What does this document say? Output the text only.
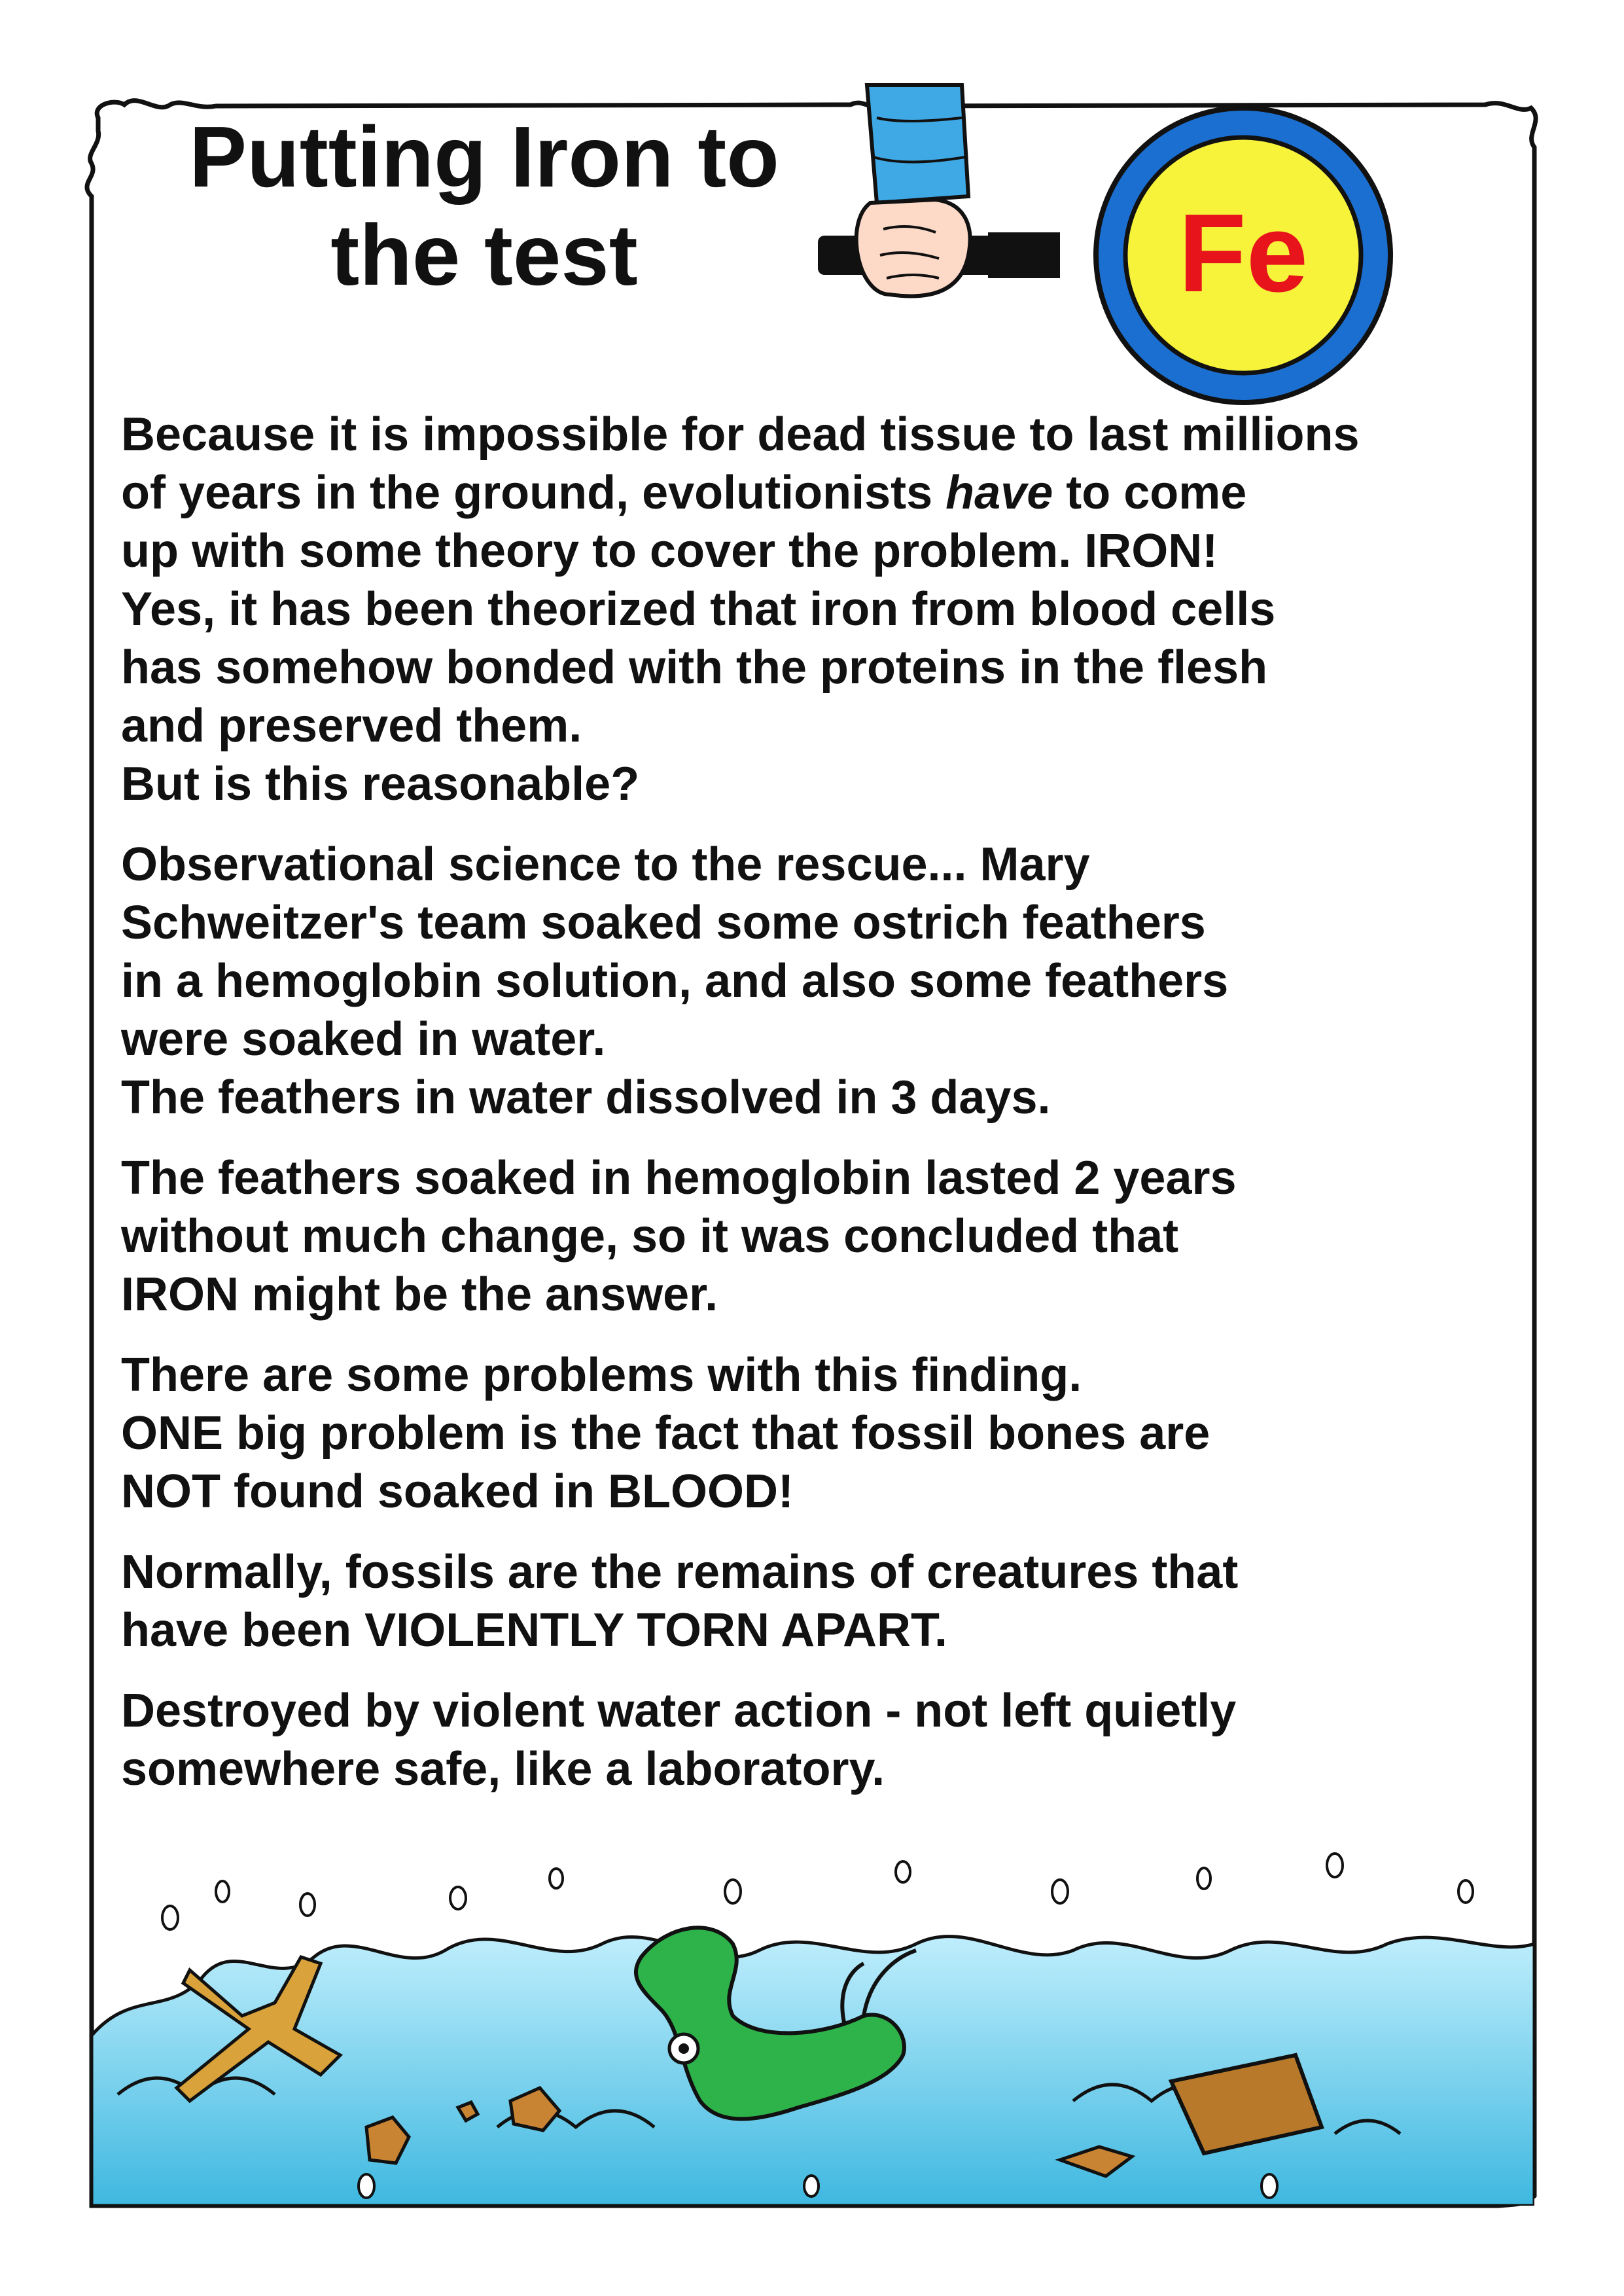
Putting Iron to
the test	Fe

Because it is impossible for dead tissue to last millions
of years in the ground, evolutionists have to come
up with some theory to cover the problem. IRON!
Yes, it has been theorized that iron from blood cells
has somehow bonded with the proteins in the flesh
and preserved them.
But is this reasonable?

Observational science to the rescue... Mary
Schweitzer's team soaked some ostrich feathers
in a hemoglobin solution, and also some feathers
were soaked in water.
The feathers in water dissolved in 3 days.

The feathers soaked in hemoglobin lasted 2 years
without much change, so it was concluded that
IRON might be the answer.

There are some problems with this finding.
ONE big problem is the fact that fossil bones are
NOT found soaked in BLOOD!

Normally, fossils are the remains of creatures that
have been VIOLENTLY TORN APART.

Destroyed by violent water action - not left quietly
somewhere safe, like a laboratory.
